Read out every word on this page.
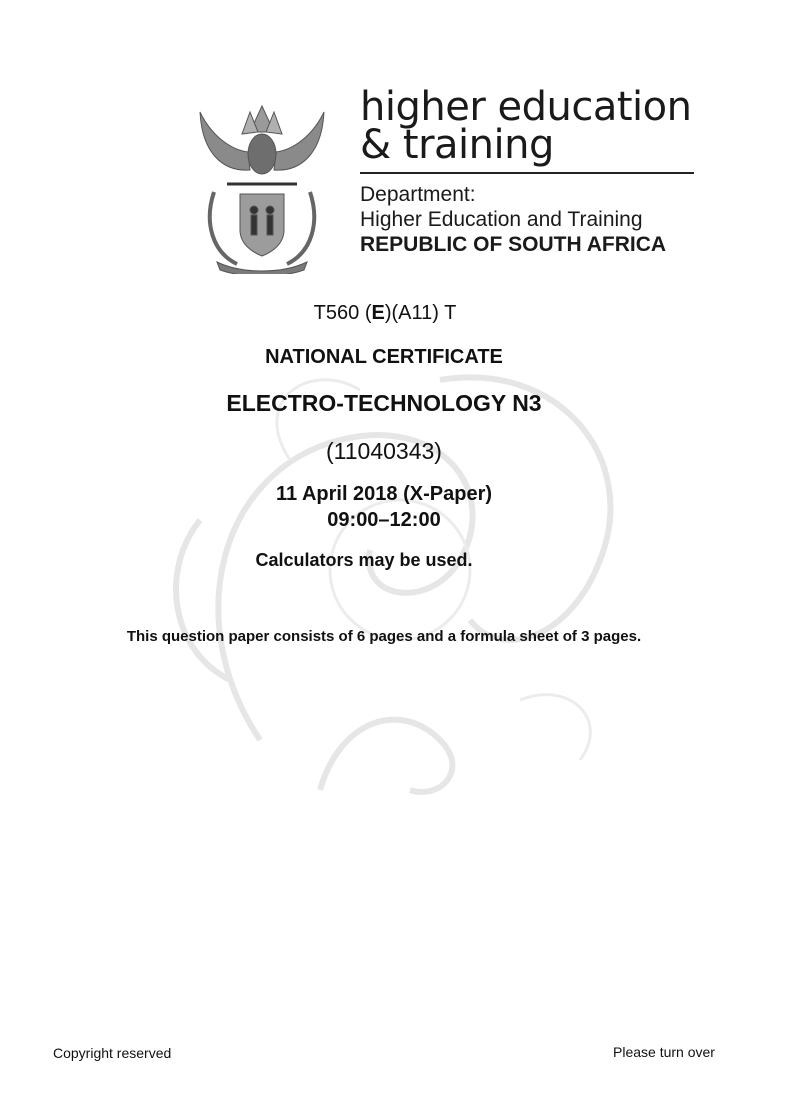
higher education
& training
Department:
Higher Education and Training
REPUBLIC OF SOUTH AFRICA
T560 (E)(A11) T
NATIONAL CERTIFICATE
ELECTRO-TECHNOLOGY N3
(11040343)
11 April 2018 (X-Paper)
09:00–12:00
Calculators may be used.
This question paper consists of 6 pages and a formula sheet of 3 pages.
Copyright reserved	Please turn over
